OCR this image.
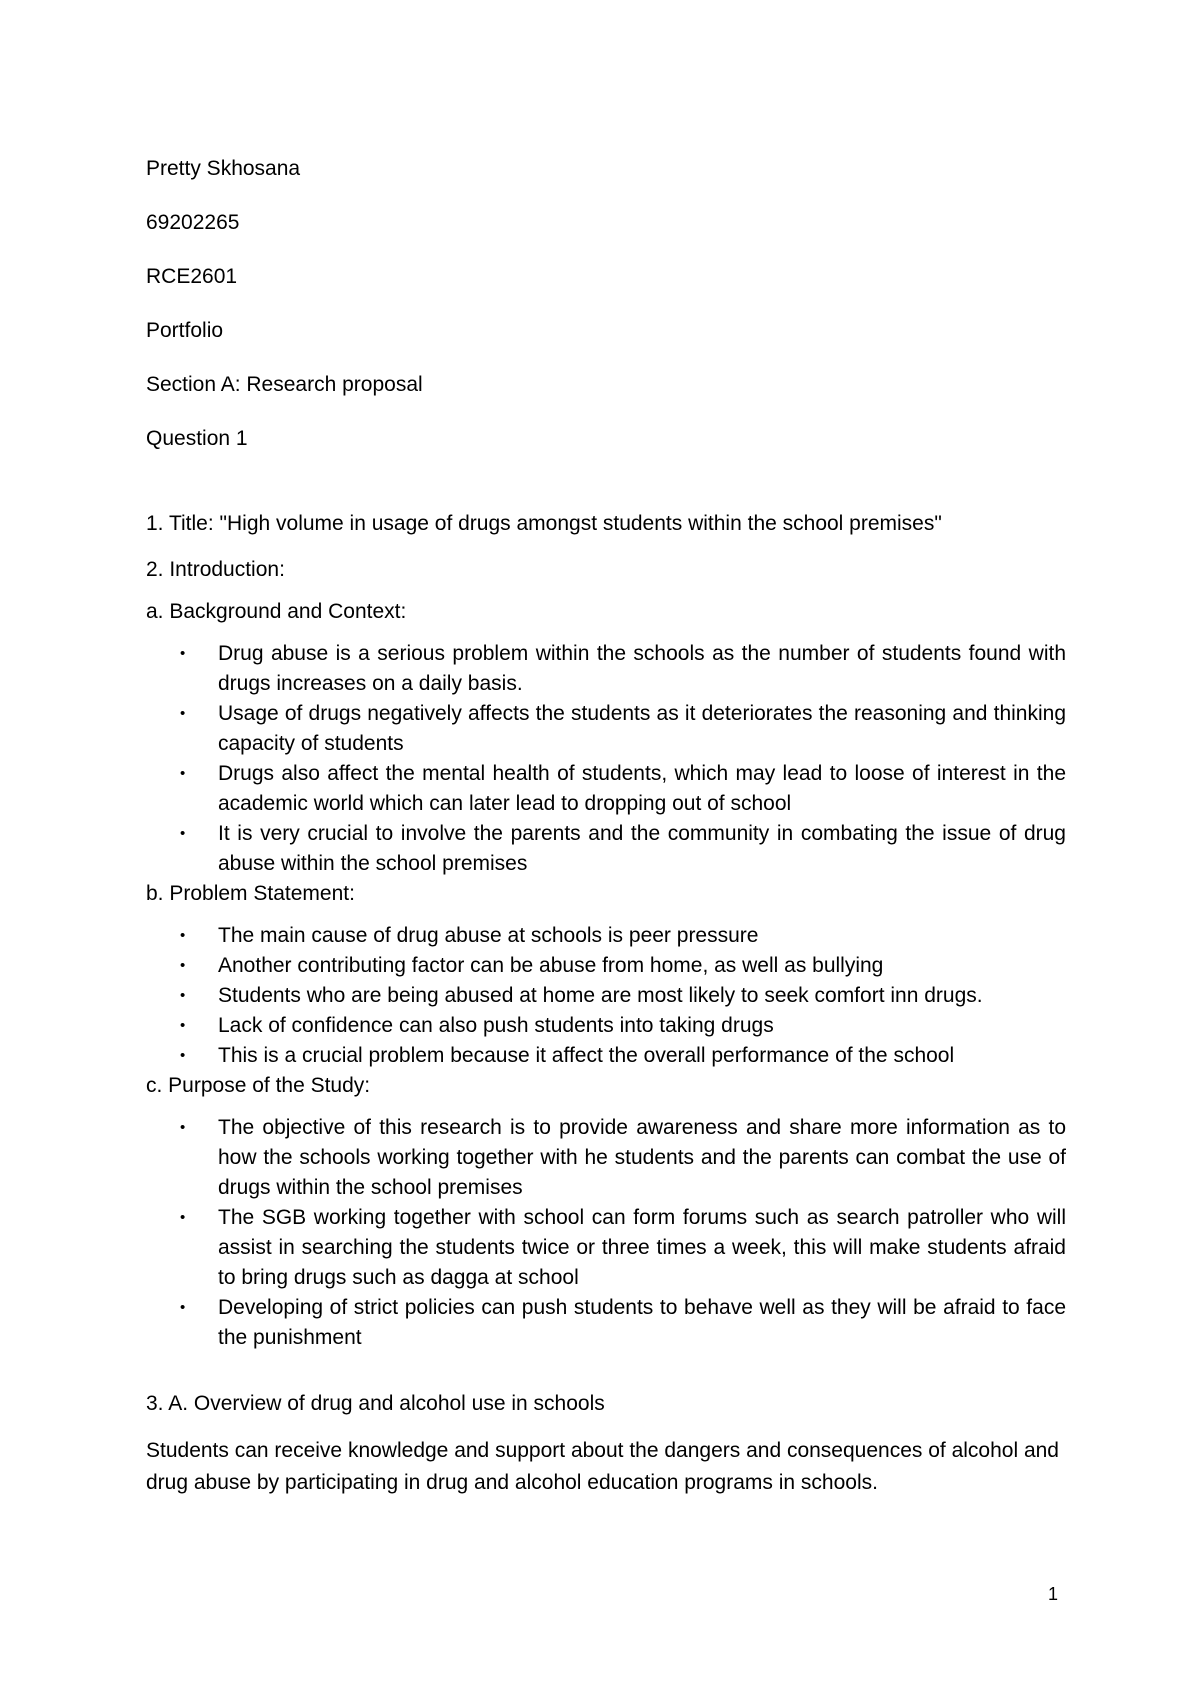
Pretty Skhosana

69202265

RCE2601

Portfolio

Section A: Research proposal

Question 1

1. Title: "High volume in usage of drugs amongst students within the school premises"

2. Introduction:

a. Background and Context:

• Drug abuse is a serious problem within the schools as the number of students found with drugs increases on a daily basis.
• Usage of drugs negatively affects the students as it deteriorates the reasoning and thinking capacity of students
• Drugs also affect the mental health of students, which may lead to loose of interest in the academic world which can later lead to dropping out of school
• It is very crucial to involve the parents and the community in combating the issue of drug abuse within the school premises

b. Problem Statement:

• The main cause of drug abuse at schools is peer pressure
• Another contributing factor can be abuse from home, as well as bullying
• Students who are being abused at home are most likely to seek comfort inn drugs.
• Lack of confidence can also push students into taking drugs
• This is a crucial problem because it affect the overall performance of the school

c. Purpose of the Study:

• The objective of this research is to provide awareness and share more information as to how the schools working together with he students and the parents can combat the use of drugs within the school premises
• The SGB working together with school can form forums such as search patroller who will assist in searching the students twice or three times a week, this will make students afraid to bring drugs such as dagga at school
• Developing of strict policies can push students to behave well as they will be afraid to face the punishment

3. A. Overview of drug and alcohol use in schools

Students can receive knowledge and support about the dangers and consequences of alcohol and drug abuse by participating in drug and alcohol education programs in schools.

1
